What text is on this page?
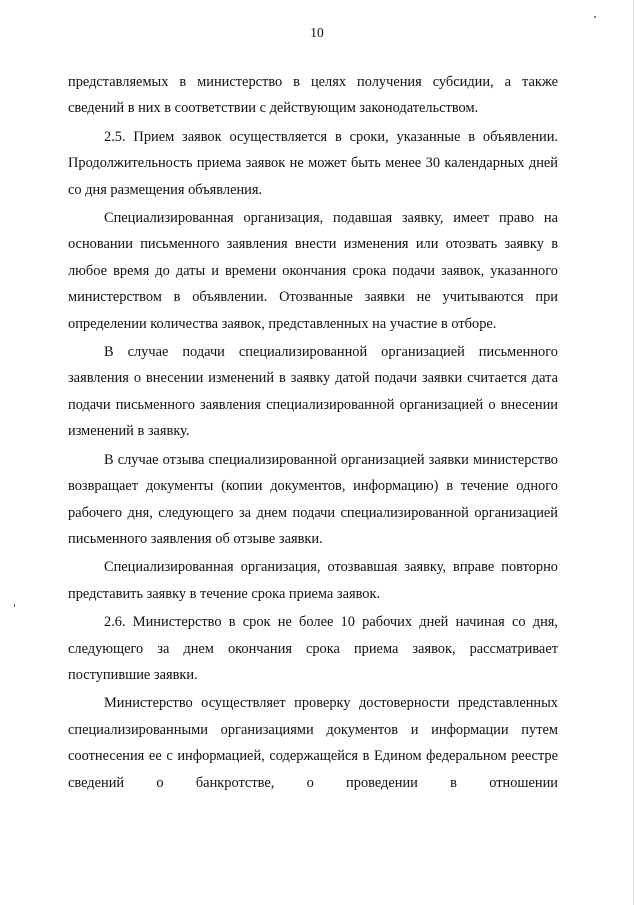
10

представляемых в министерство в целях получения субсидии, а также сведений в них в соответствии с действующим законодательством.

2.5. Прием заявок осуществляется в сроки, указанные в объявлении. Продолжительность приема заявок не может быть менее 30 календарных дней со дня размещения объявления.

Специализированная организация, подавшая заявку, имеет право на основании письменного заявления внести изменения или отозвать заявку в любое время до даты и времени окончания срока подачи заявок, указанного министерством в объявлении. Отозванные заявки не учитываются при определении количества заявок, представленных на участие в отборе.

В случае подачи специализированной организацией письменного заявления о внесении изменений в заявку датой подачи заявки считается дата подачи письменного заявления специализированной организацией о внесении изменений в заявку.

В случае отзыва специализированной организацией заявки министерство возвращает документы (копии документов, информацию) в течение одного рабочего дня, следующего за днем подачи специализированной организацией письменного заявления об отзыве заявки.

Специализированная организация, отозвавшая заявку, вправе повторно представить заявку в течение срока приема заявок.

2.6. Министерство в срок не более 10 рабочих дней начиная со дня, следующего за днем окончания срока приема заявок, рассматривает поступившие заявки.

Министерство осуществляет проверку достоверности представленных специализированными организациями документов и информации путем соотнесения ее с информацией, содержащейся в Едином федеральном реестре сведений о банкротстве, о проведении в отношении
